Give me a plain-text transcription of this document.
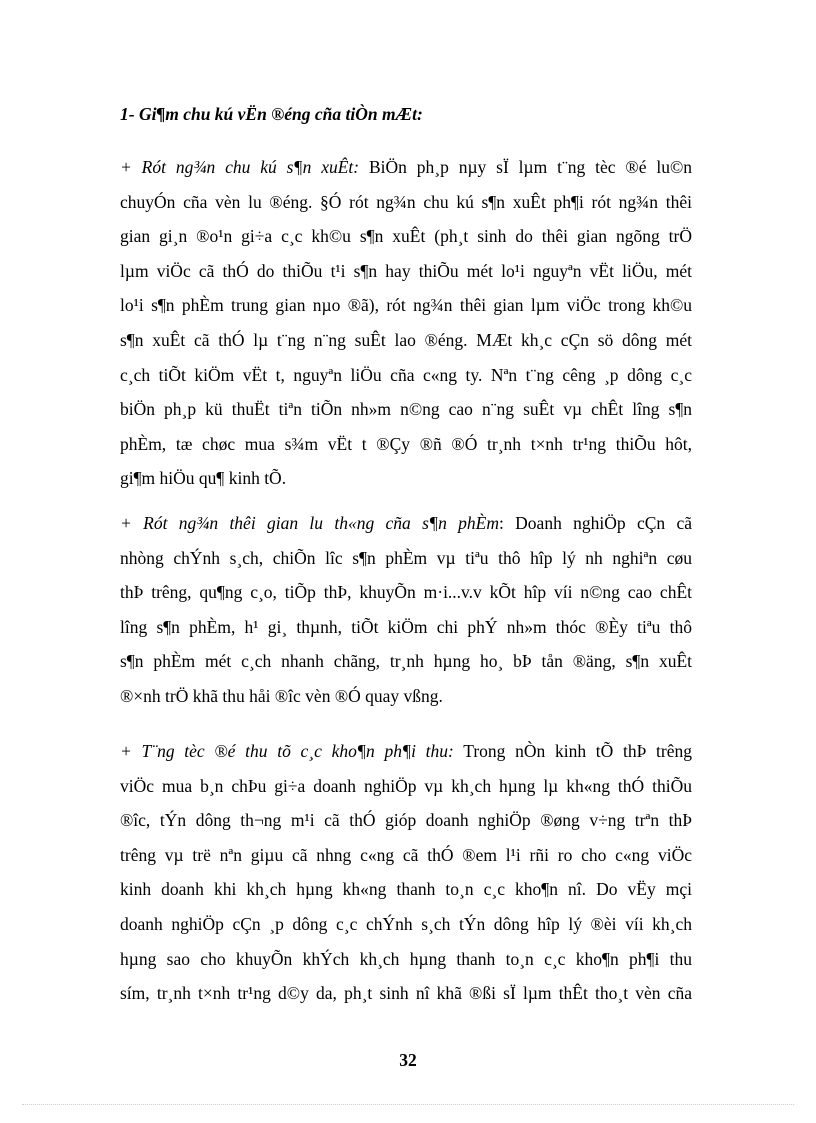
1- Gi¶m chu kú vËn ®éng cña tiÒn mÆt:
+ Rót ng¾n chu kú s¶n xuÊt: BiÖn ph¸p nµy sÏ lµm t¨ng tèc ®é lu©n
chuyÓn cña vèn lu ®éng. §Ó rót ng¾n chu kú s¶n xuÊt ph¶i rót ng¾n thêi
gian gi¸n ®o¹n gi÷a c¸c kh©u s¶n xuÊt (ph¸t sinh do thêi gian ngõng trÖ
lµm viÖc cã thÓ do thiÕu t¹i s¶n hay thiÕu mét lo¹i nguyªn vËt liÖu, mét
lo¹i s¶n phÈm trung gian nµo ®ã), rót ng¾n thêi gian lµm viÖc trong kh©u
s¶n xuÊt cã thÓ lµ t¨ng n¨ng suÊt lao ®éng. MÆt kh¸c cÇn sö dông mét
c¸ch tiÕt kiÖm vËt t, nguyªn liÖu cña c«ng ty. Nªn t¨ng cêng ¸p dông c¸c
biÖn ph¸p kü thuËt tiªn tiÕn nh»m n©ng cao n¨ng suÊt vµ chÊt lîng s¶n
phÈm, tæ chøc mua s¾m vËt t ®Çy ®ñ ®Ó tr¸nh t×nh tr¹ng thiÕu hôt,
gi¶m hiÖu qu¶ kinh tÕ.
+ Rót ng¾n thêi gian lu th«ng cña s¶n phÈm: Doanh nghiÖp cÇn cã
nhòng chÝnh s¸ch, chiÕn lîc s¶n phÈm vµ tiªu thô hîp lý nh nghiªn cøu
thÞ trêng, qu¶ng c¸o, tiÕp thÞ, khuyÕn m·i...v.v kÕt hîp víi n©ng cao chÊt
lîng s¶n phÈm, h¹ gi¸ thµnh, tiÕt kiÖm chi phÝ nh»m thóc ®Èy tiªu thô
s¶n phÈm mét c¸ch nhanh chãng, tr¸nh hµng ho¸ bÞ tån ®äng, s¶n xuÊt
®×nh trÖ khã thu håi ®îc vèn ®Ó quay vßng.
+ T¨ng tèc ®é thu tõ c¸c kho¶n ph¶i thu: Trong nÒn kinh tÕ thÞ trêng
viÖc mua b¸n chÞu gi÷a doanh nghiÖp vµ kh¸ch hµng lµ kh«ng thÓ thiÕu
®îc, tÝn dông th¬ng m¹i cã thÓ gióp doanh nghiÖp ®øng v÷ng trªn thÞ
trêng vµ trë nªn giµu cã nhng c«ng cã thÓ ®em l¹i rñi ro cho c«ng viÖc
kinh doanh khi kh¸ch hµng kh«ng thanh to¸n c¸c kho¶n nî. Do vËy mçi
doanh nghiÖp cÇn ¸p dông c¸c chÝnh s¸ch tÝn dông hîp lý ®èi víi kh¸ch
hµng sao cho khuyÕn khÝch kh¸ch hµng thanh to¸n c¸c kho¶n ph¶i thu
sím, tr¸nh t×nh tr¹ng d©y da, ph¸t sinh nî khã ®ßi sÏ lµm thÊt tho¸t vèn cña
32
